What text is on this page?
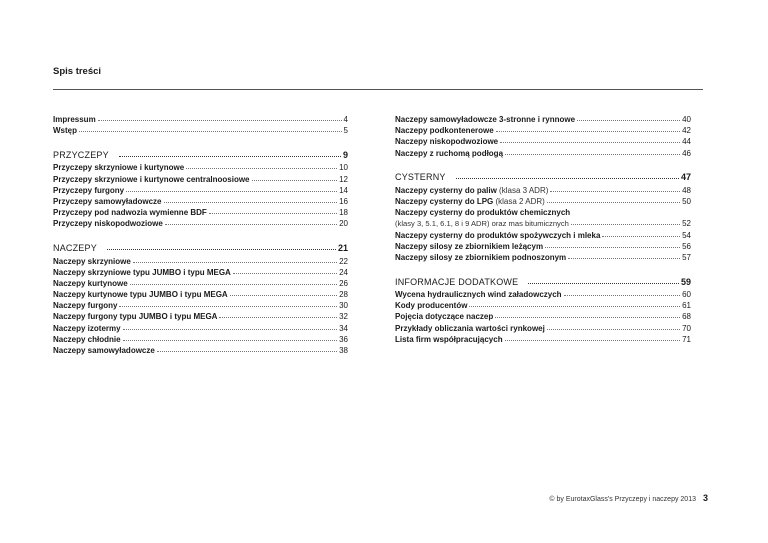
Spis treści
Impressum	4
Wstęp	5
PRZYCZEPY	9
Przyczepy skrzyniowe i kurtynowe	10
Przyczepy skrzyniowe i kurtynowe centralnoosiowe	12
Przyczepy furgony	14
Przyczepy samowyładowcze	16
Przyczepy pod nadwozia wymienne BDF	18
Przyczepy niskopodwoziowe	20
NACZEPY	21
Naczepy skrzyniowe	22
Naczepy skrzyniowe typu JUMBO i typu MEGA	24
Naczepy kurtynowe	26
Naczepy kurtynowe typu JUMBO i typu MEGA	28
Naczepy furgony	30
Naczepy furgony typu JUMBO i typu MEGA	32
Naczepy izotermy	34
Naczepy chłodnie	36
Naczepy samowyładowcze	38
Naczepy samowyładowcze 3-stronne i rynnowe	40
Naczepy podkontenerowe	42
Naczepy niskopodwoziowe	44
Naczepy z ruchomą podłogą	46
CYSTERNY	47
Naczepy cysterny do paliw (klasa 3 ADR)	48
Naczepy cysterny do LPG (klasa 2 ADR)	50
Naczepy cysterny do produktów chemicznych
(klasy 3, 5.1, 6.1, 8 i 9 ADR) oraz mas bitumicznych	52
Naczepy cysterny do produktów spożywczych i mleka	54
Naczepy silosy ze zbiornikiem leżącym	56
Naczepy silosy ze zbiornikiem podnoszonym	57
INFORMACJE DODATKOWE	59
Wycena hydraulicznych wind załadowczych	60
Kody producentów	61
Pojęcia dotyczące naczep	68
Przykłady obliczania wartości rynkowej	70
Lista firm współpracujących	71
© by EurotaxGlass's Przyczepy i naczepy 2013 3
